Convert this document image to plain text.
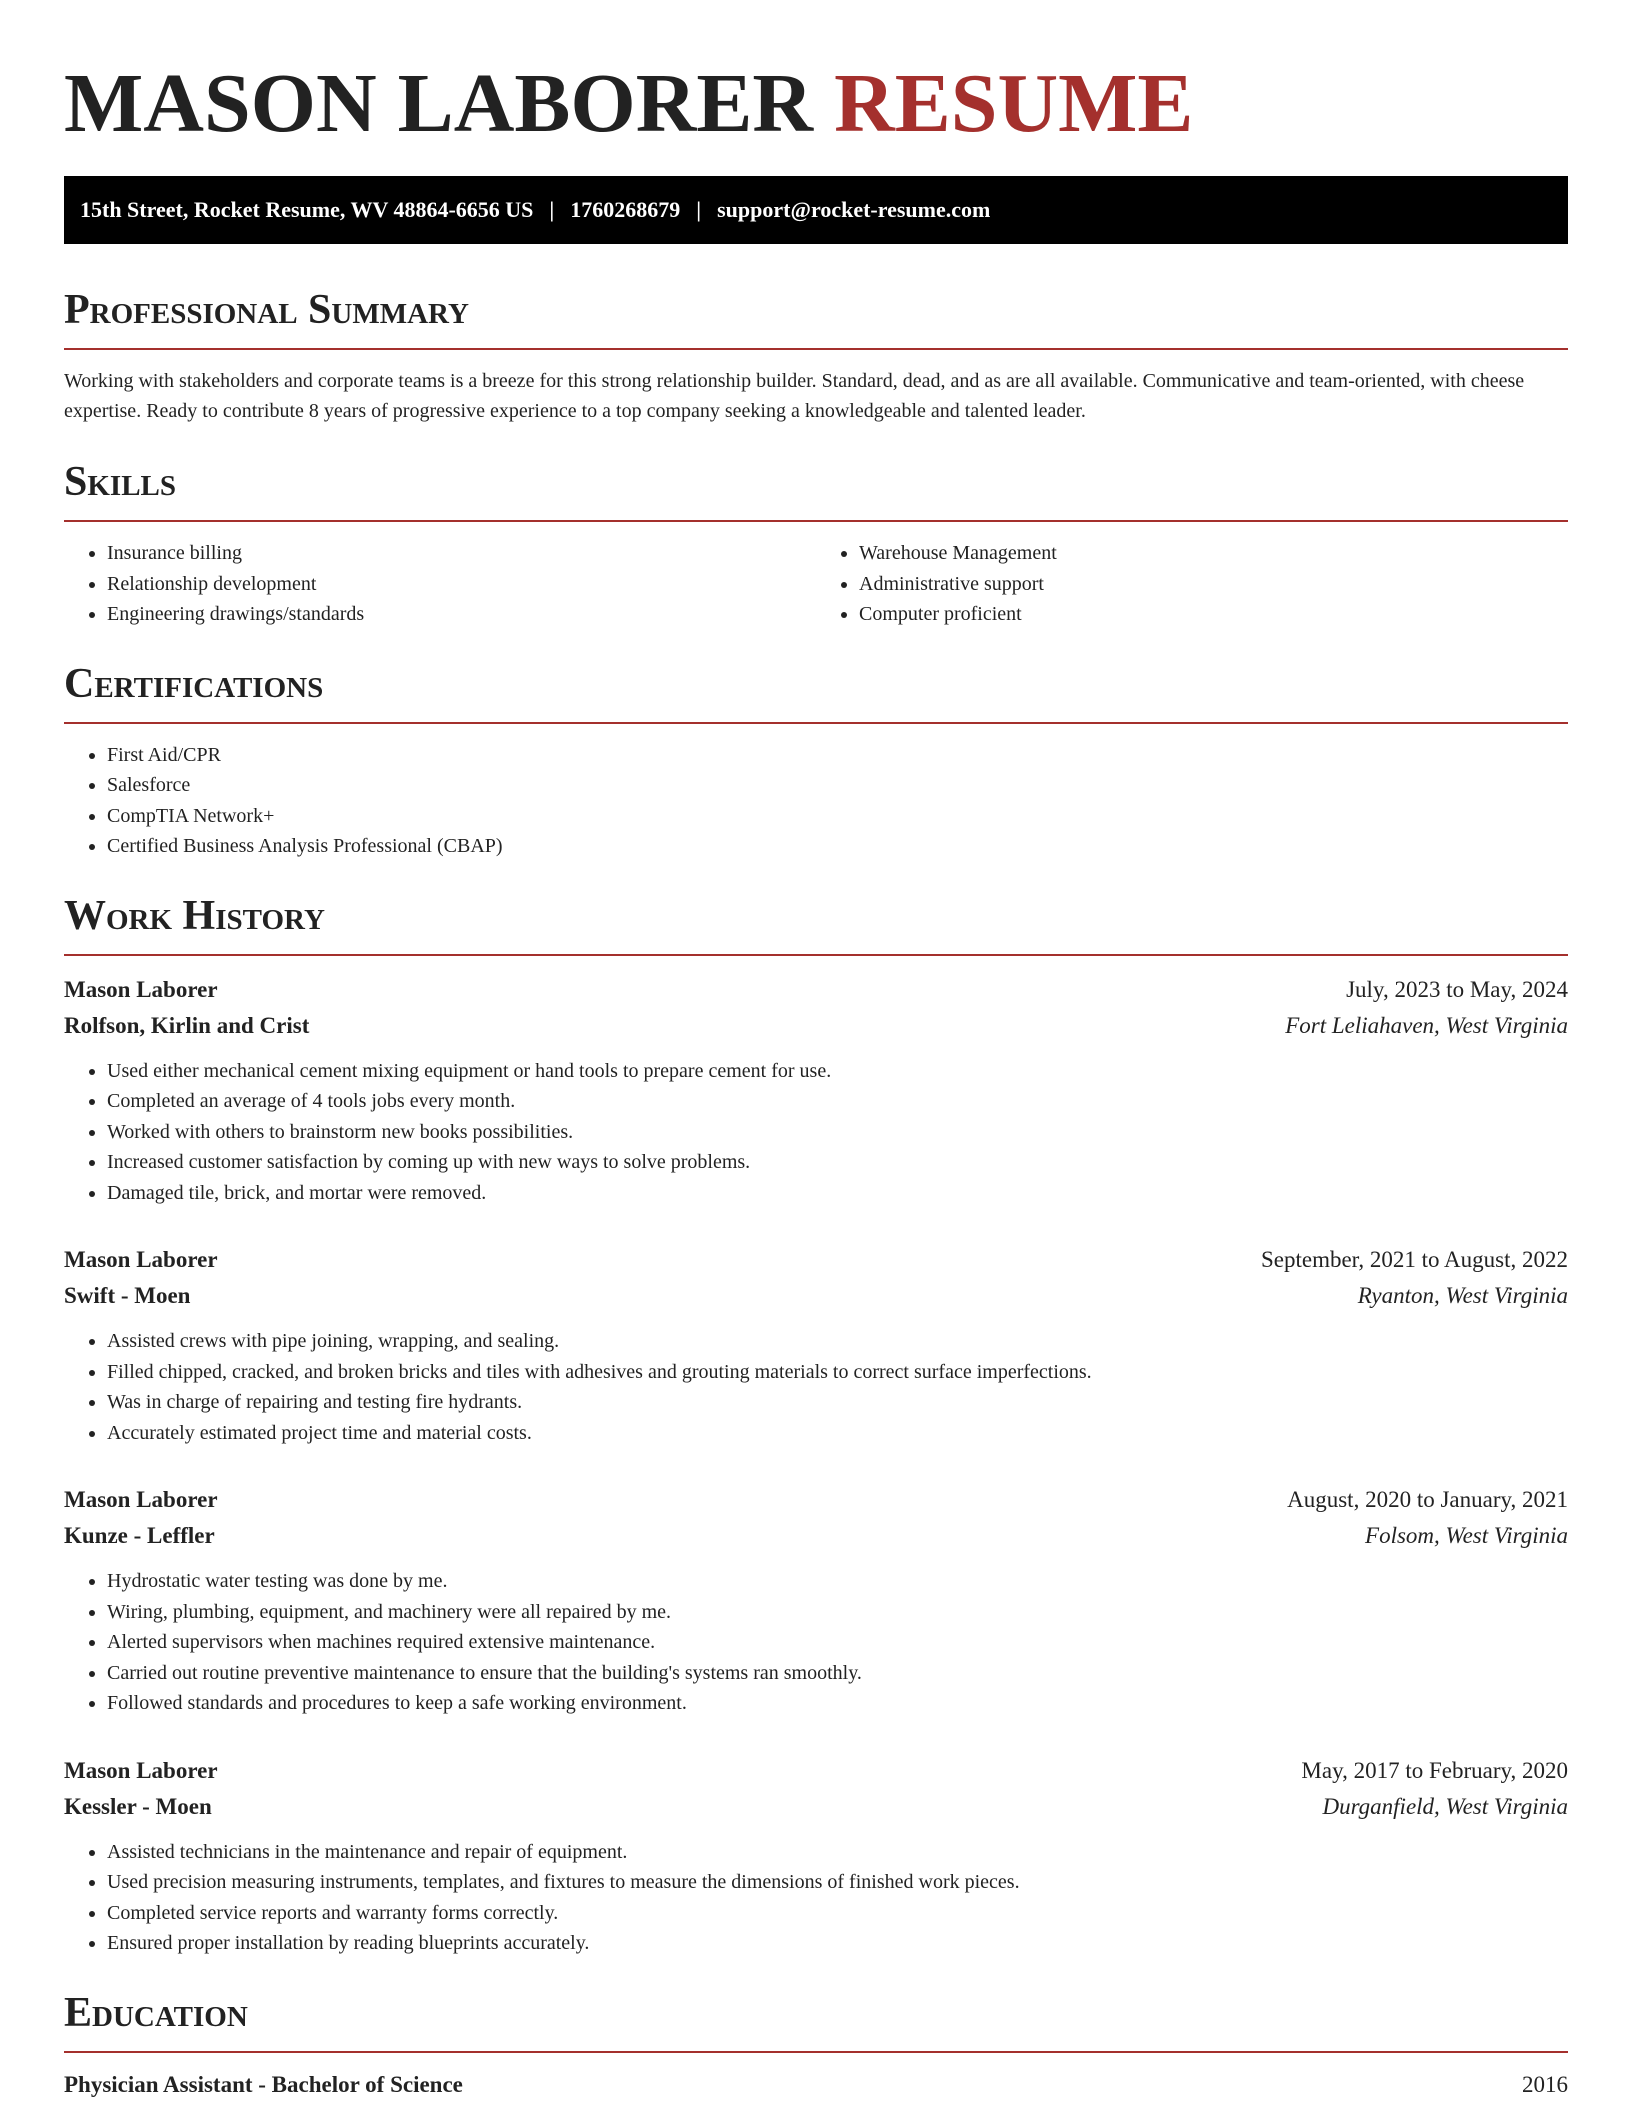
MASON LABORER RESUME
15th Street, Rocket Resume, WV 48864-6656 US | 1760268679 | support@rocket-resume.com
Professional Summary

Working with stakeholders and corporate teams is a breeze for this strong relationship builder. Standard, dead, and as are all available. Communicative and team-oriented, with cheese expertise. Ready to contribute 8 years of progressive experience to a top company seeking a knowledgeable and talented leader.

Skills
• Insurance billing
• Relationship development
• Engineering drawings/standards
• Warehouse Management
• Administrative support
• Computer proficient
Certifications
• First Aid/CPR
• Salesforce
• CompTIA Network+
• Certified Business Analysis Professional (CBAP)
Work History
Mason Laborer	July, 2023 to May, 2024
Rolfson, Kirlin and Crist	Fort Leliahaven, West Virginia
• Used either mechanical cement mixing equipment or hand tools to prepare cement for use.
• Completed an average of 4 tools jobs every month.
• Worked with others to brainstorm new books possibilities.
• Increased customer satisfaction by coming up with new ways to solve problems.
• Damaged tile, brick, and mortar were removed.
Mason Laborer	September, 2021 to August, 2022
Swift - Moen	Ryanton, West Virginia
• Assisted crews with pipe joining, wrapping, and sealing.
• Filled chipped, cracked, and broken bricks and tiles with adhesives and grouting materials to correct surface imperfections.
• Was in charge of repairing and testing fire hydrants.
• Accurately estimated project time and material costs.
Mason Laborer	August, 2020 to January, 2021
Kunze - Leffler	Folsom, West Virginia
• Hydrostatic water testing was done by me.
• Wiring, plumbing, equipment, and machinery were all repaired by me.
• Alerted supervisors when machines required extensive maintenance.
• Carried out routine preventive maintenance to ensure that the building's systems ran smoothly.
• Followed standards and procedures to keep a safe working environment.
Mason Laborer	May, 2017 to February, 2020
Kessler - Moen	Durganfield, West Virginia
• Assisted technicians in the maintenance and repair of equipment.
• Used precision measuring instruments, templates, and fixtures to measure the dimensions of finished work pieces.
• Completed service reports and warranty forms correctly.
• Ensured proper installation by reading blueprints accurately.
Education
Physician Assistant - Bachelor of Science	2016
